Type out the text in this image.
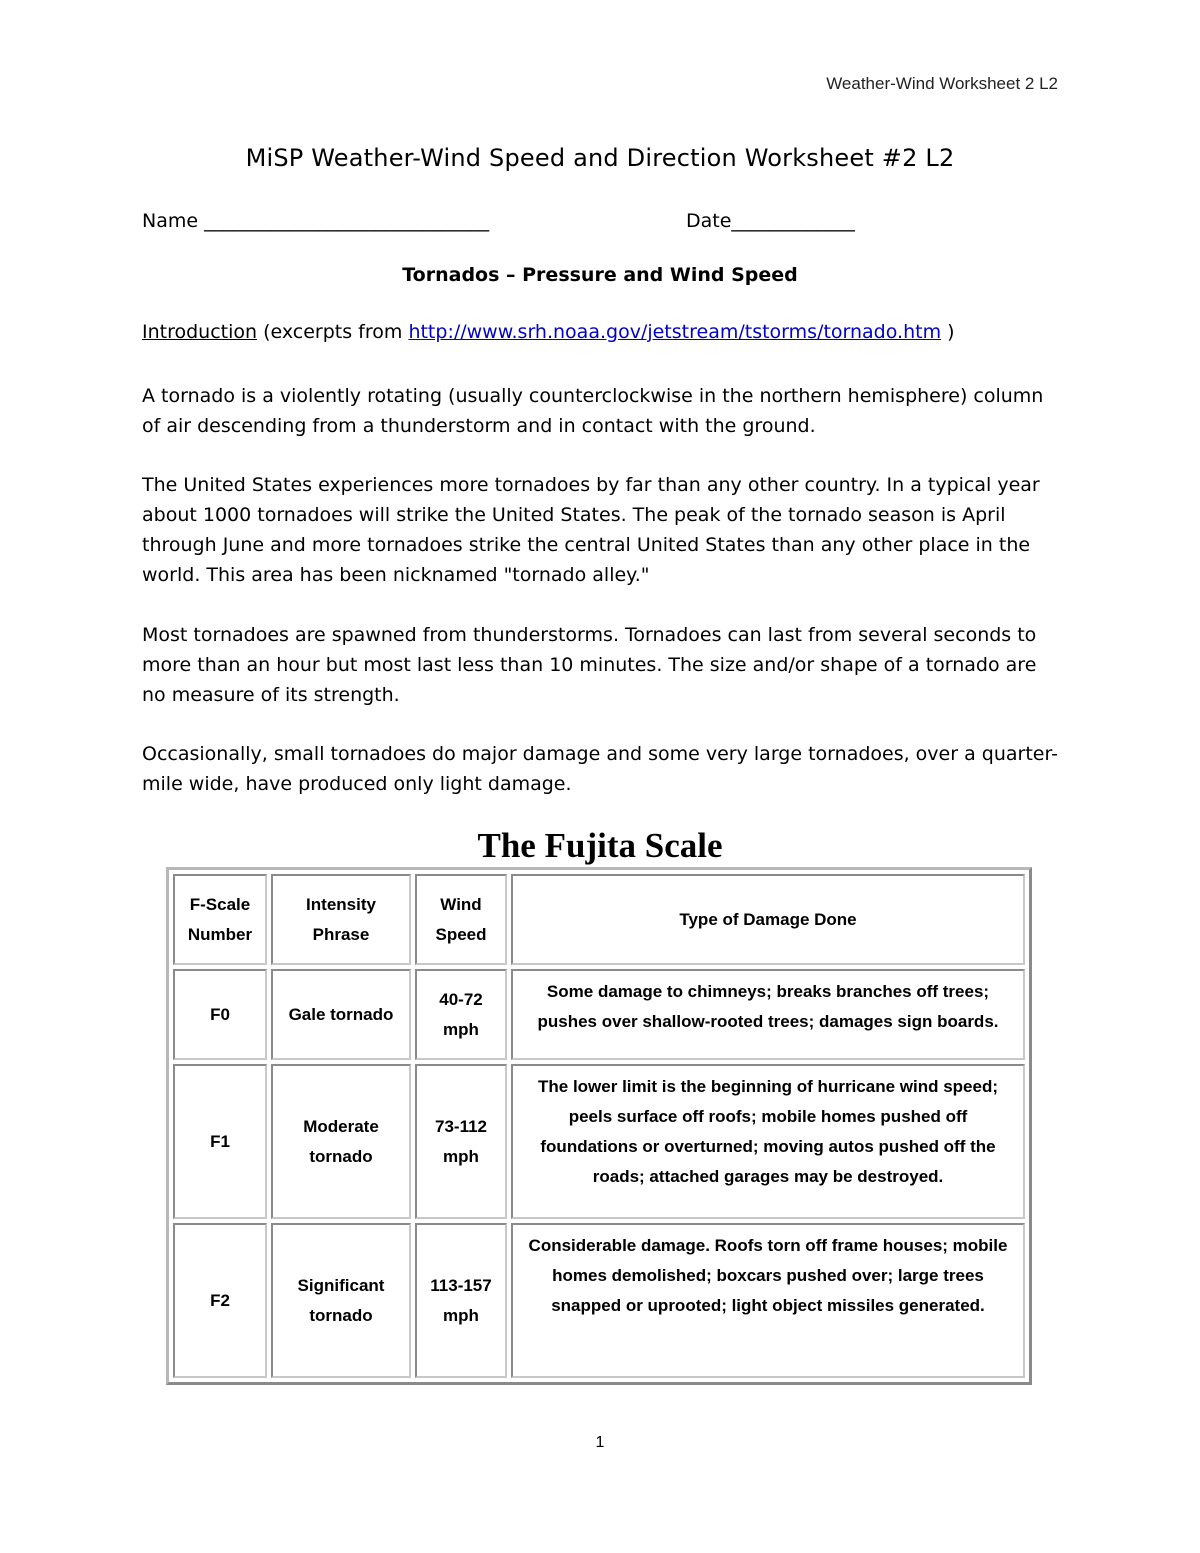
Weather-Wind Worksheet 2 L2
MiSP Weather-Wind Speed and Direction Worksheet #2 L2
Name ______________________________	Date_____________
Tornados – Pressure and Wind Speed
Introduction (excerpts from http://www.srh.noaa.gov/jetstream/tstorms/tornado.htm )
A tornado is a violently rotating (usually counterclockwise in the northern hemisphere) column of air descending from a thunderstorm and in contact with the ground.
The United States experiences more tornadoes by far than any other country. In a typical year about 1000 tornadoes will strike the United States. The peak of the tornado season is April through June and more tornadoes strike the central United States than any other place in the world. This area has been nicknamed "tornado alley."
Most tornadoes are spawned from thunderstorms. Tornadoes can last from several seconds to more than an hour but most last less than 10 minutes. The size and/or shape of a tornado are no measure of its strength.
Occasionally, small tornadoes do major damage and some very large tornadoes, over a quarter-mile wide, have produced only light damage.
The Fujita Scale
F-Scale Number	Intensity Phrase	Wind Speed	Type of Damage Done
F0	Gale tornado	40-72 mph	Some damage to chimneys; breaks branches off trees; pushes over shallow-rooted trees; damages sign boards.
F1	Moderate tornado	73-112 mph	The lower limit is the beginning of hurricane wind speed; peels surface off roofs; mobile homes pushed off foundations or overturned; moving autos pushed off the roads; attached garages may be destroyed.
F2	Significant tornado	113-157 mph	Considerable damage. Roofs torn off frame houses; mobile homes demolished; boxcars pushed over; large trees snapped or uprooted; light object missiles generated.
1
